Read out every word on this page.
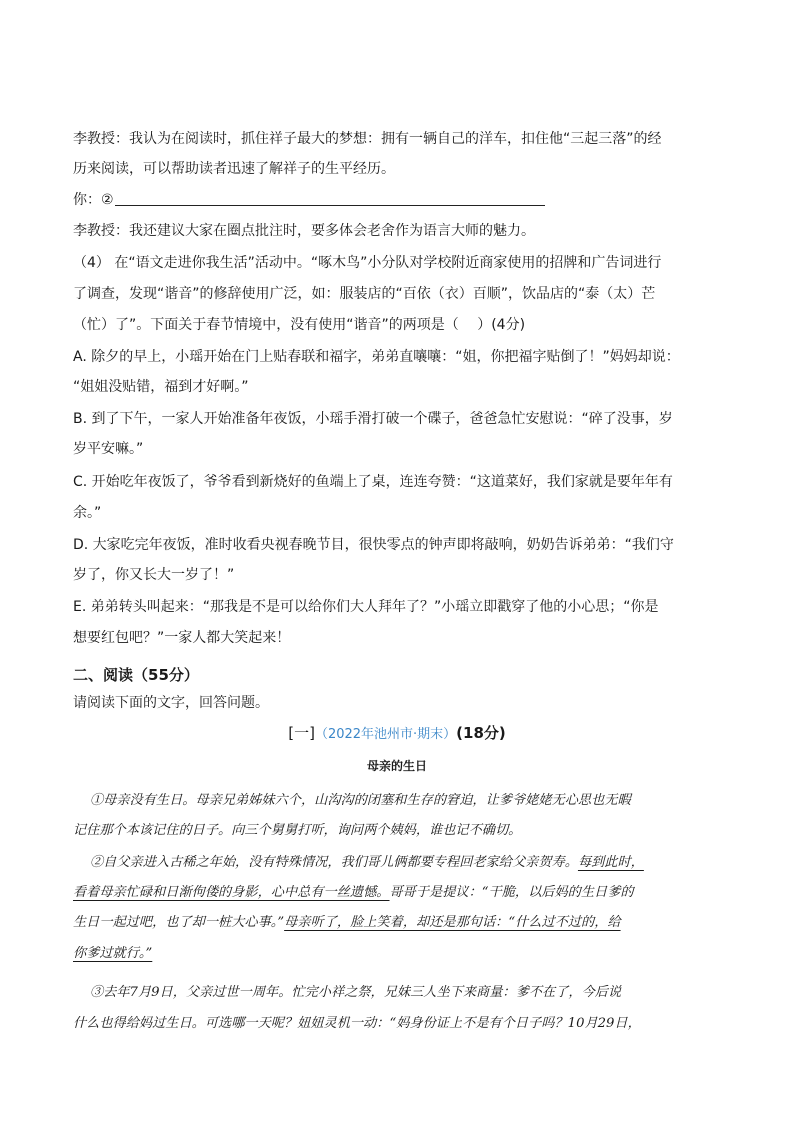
李教授：我认为在阅读时，抓住祥子最大的梦想：拥有一辆自己的洋车，扣住他“三起三落”的经
历来阅读，可以帮助读者迅速了解祥子的生平经历。
你：②
李教授：我还建议大家在圈点批注时，要多体会老舍作为语言大师的魅力。
（4） 在“语文走进你我生活”活动中。“啄木鸟”小分队对学校附近商家使用的招牌和广告词进行
了调查，发现“谐音”的修辞使用广泛，如：服装店的“百依（衣）百顺”，饮品店的“泰（太）芒
（忙）了”。下面关于春节情境中，没有使用“谐音”的两项是（　 ）(4分)
A. 除夕的早上，小瑶开始在门上贴春联和福字，弟弟直嚷嚷：“姐，你把福字贴倒了！”妈妈却说：
“姐姐没贴错，福到才好啊。”
B. 到了下午，一家人开始准备年夜饭，小瑶手滑打破一个碟子，爸爸急忙安慰说：“碎了没事，岁
岁平安嘛。”
C. 开始吃年夜饭了，爷爷看到新烧好的鱼端上了桌，连连夸赞：“这道菜好，我们家就是要年年有
余。”
D. 大家吃完年夜饭，准时收看央视春晚节目，很快零点的钟声即将敲响，奶奶告诉弟弟：“我们守
岁了，你又长大一岁了！”
E. 弟弟转头叫起来：“那我是不是可以给你们大人拜年了？”小瑶立即戳穿了他的小心思；“你是
想要红包吧？”一家人都大笑起来！
二、阅读（55分）
请阅读下面的文字，回答问题。
[一]（2022年池州市·期末）(18分)
母亲的生日
①母亲没有生日。母亲兄弟姊妹六个，山沟沟的闭塞和生存的窘迫，让爹爷姥姥无心思也无暇
记住那个本该记住的日子。向三个舅舅打听，询问两个姨妈，谁也记不确切。
②自父亲进入古稀之年始，没有特殊情况，我们哥儿俩都要专程回老家给父亲贺寿。每到此时，
看着母亲忙碌和日渐佝偻的身影，心中总有一丝遗憾。哥哥于是提议：“干脆，以后妈的生日爹的
生日一起过吧，也了却一桩大心事。”母亲听了，脸上笑着，却还是那句话：“什么过不过的，给
你爹过就行。”
③去年7月9日，父亲过世一周年。忙完小祥之祭，兄妹三人坐下来商量：爹不在了，今后说
什么也得给妈过生日。可选哪一天呢？妞妞灵机一动：“妈身份证上不是有个日子吗？10月29日，
